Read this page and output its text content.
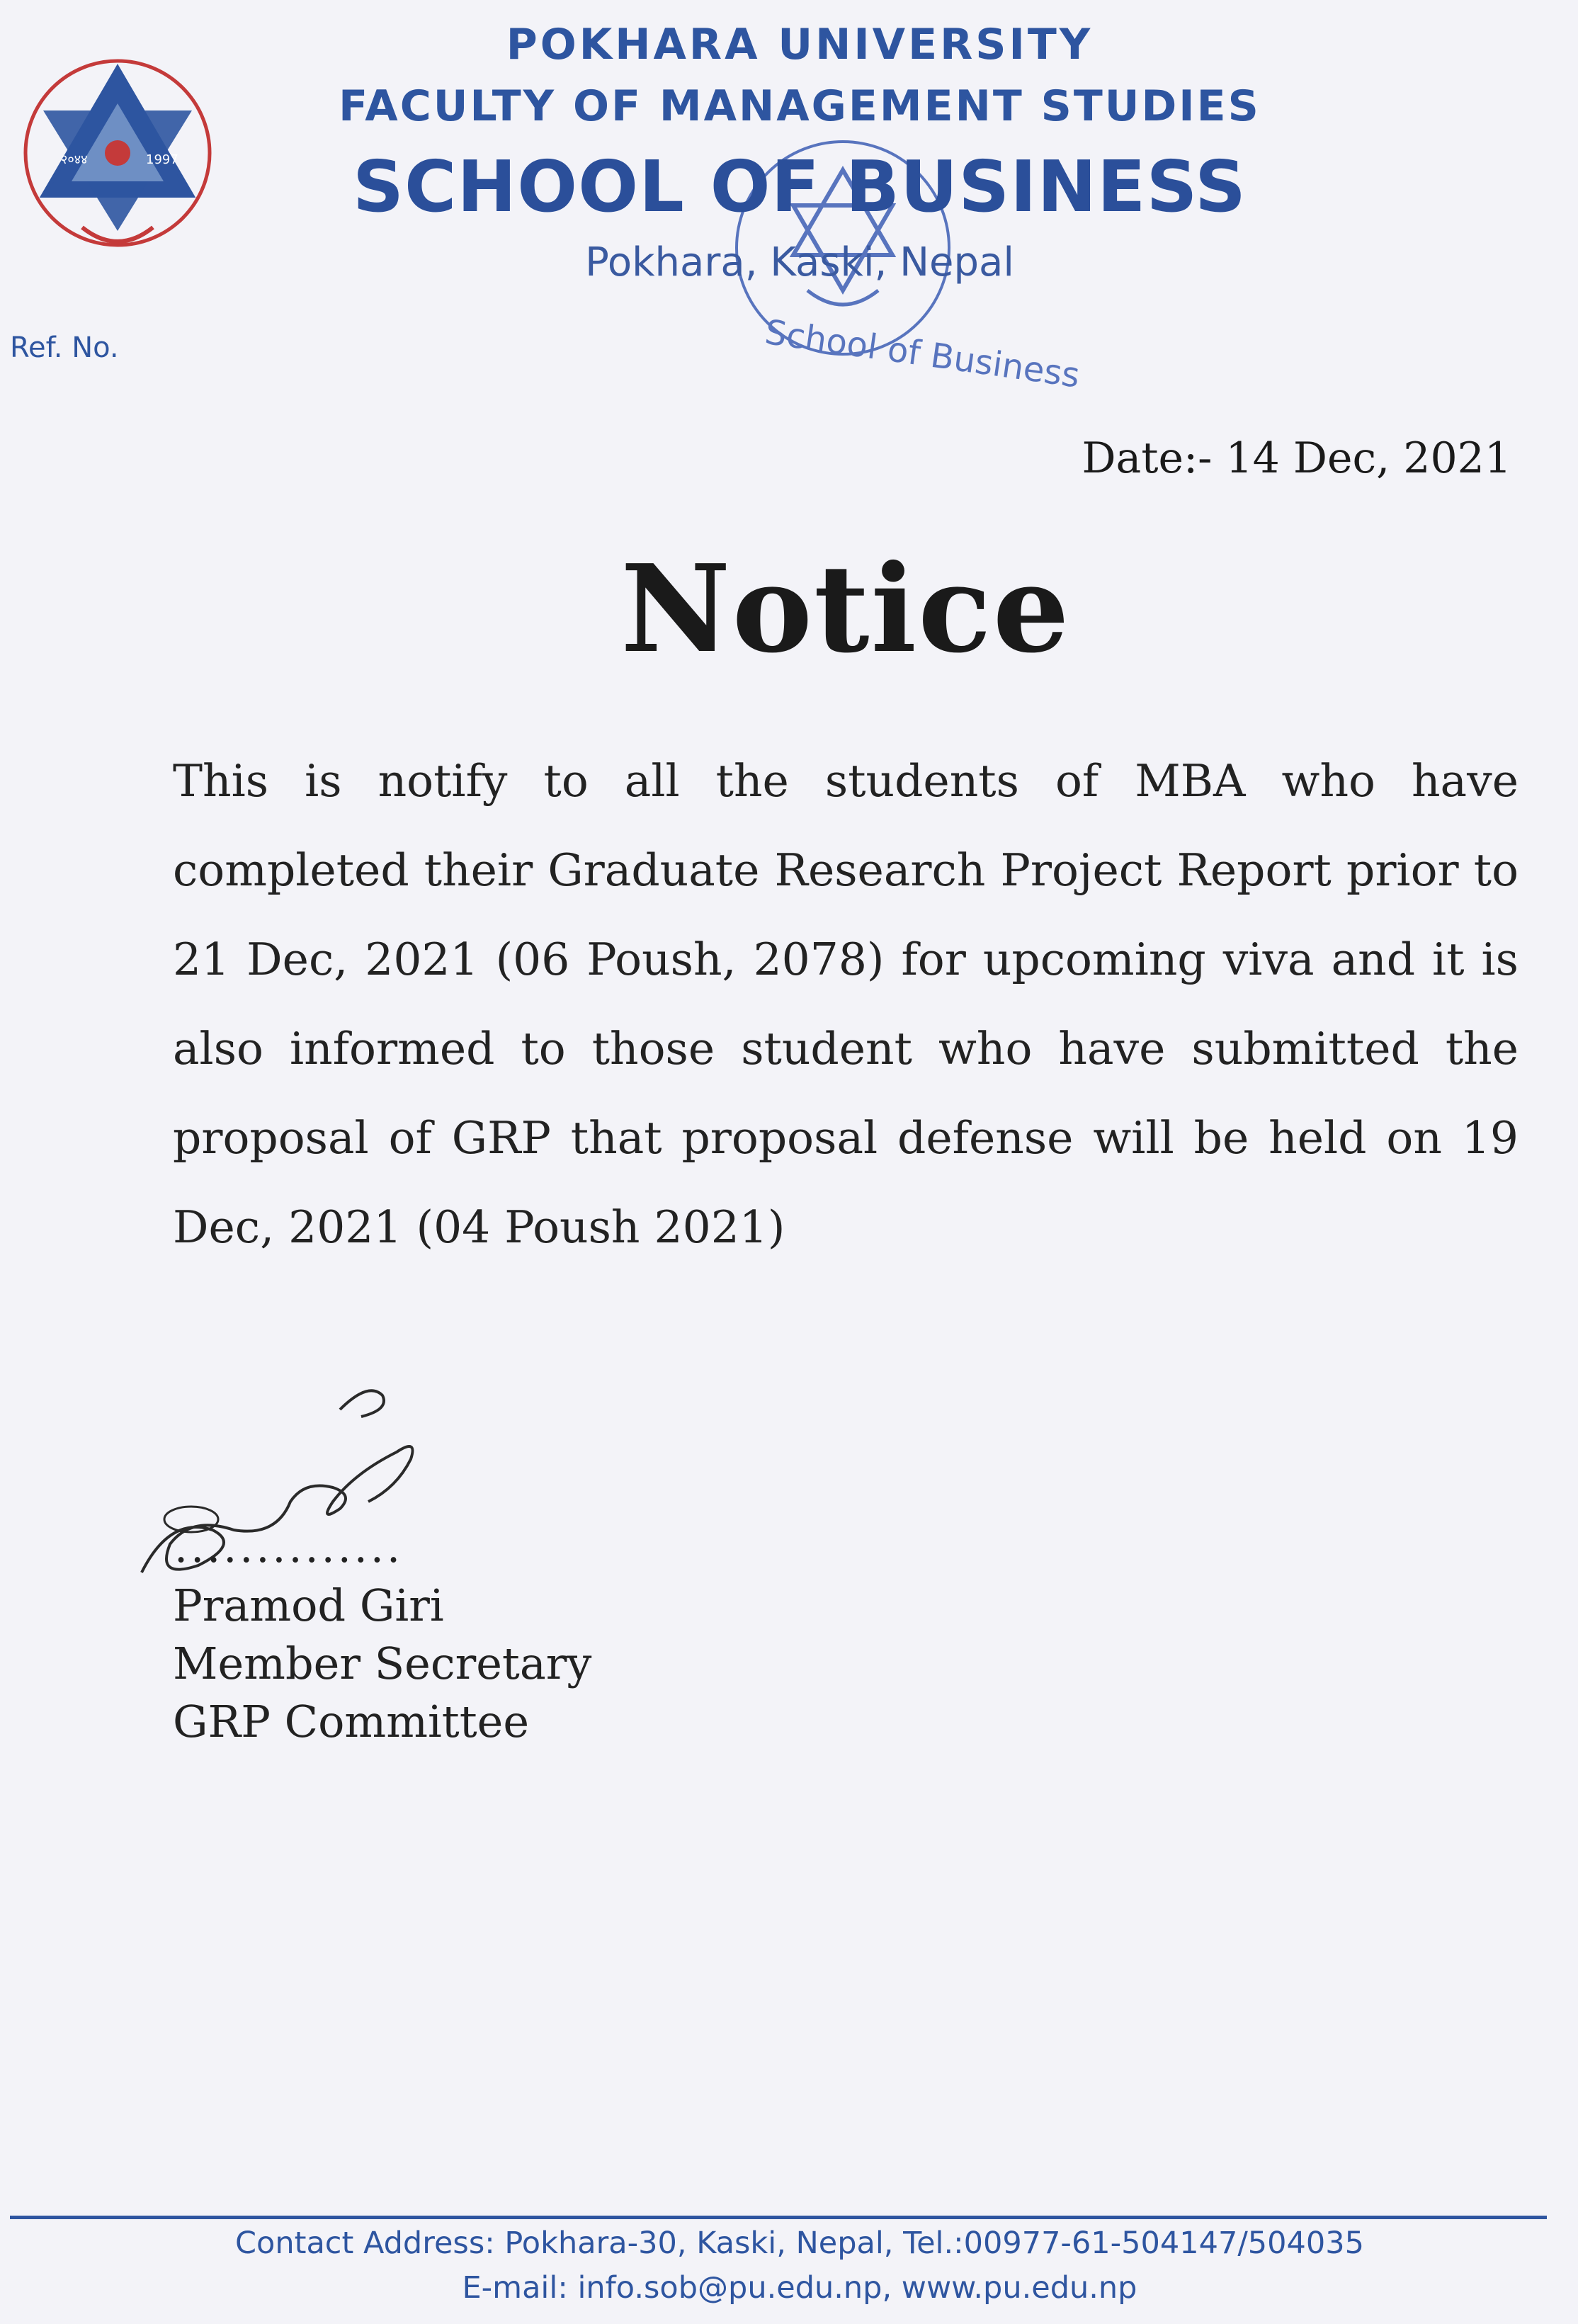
२०४४	1997
School of Business
POKHARA UNIVERSITY
FACULTY OF MANAGEMENT STUDIES
SCHOOL OF BUSINESS
Pokhara, Kaski, Nepal
Ref. No.
Date:- 14 Dec, 2021
Notice
This is notify to all the students of MBA who have completed their Graduate Research Project Report prior to 21 Dec, 2021 (06 Poush, 2078) for upcoming viva and it is also informed to those student who have submitted the proposal of GRP that proposal defense will be held on 19 Dec, 2021 (04 Poush 2021)
..............
Pramod Giri
Member Secretary
GRP Committee
Contact Address: Pokhara-30, Kaski, Nepal, Tel.:00977-61-504147/504035
E-mail: info.sob@pu.edu.np, www.pu.edu.np
